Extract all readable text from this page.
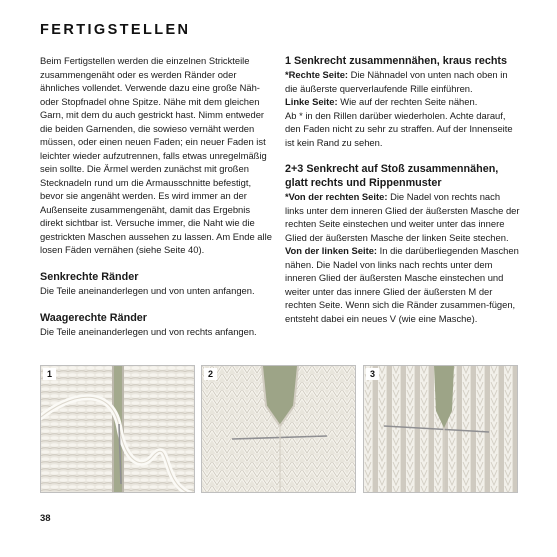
FERTIGSTELLEN

Beim Fertigstellen werden die einzelnen Strickteile zusammengenäht oder es werden Ränder oder ähnliches vollendet. Verwende dazu eine große Näh- oder Stopfnadel ohne Spitze. Nähe mit dem gleichen Garn, mit dem du auch gestrickt hast. Nimm entweder die beiden Garnenden, die sowieso vernäht werden müssen, oder einen neuen Faden; ein neuer Faden ist leichter wieder aufzutrennen, falls etwas unregelmäßig sein sollte. Die Ärmel werden zunächst mit großen Stecknadeln rund um die Armausschnitte befestigt, bevor sie angenäht werden. Es wird immer an der Außenseite zusammengenäht, damit das Ergebnis direkt sichtbar ist. Versuche immer, die Naht wie die gestrickten Maschen aussehen zu lassen. Am Ende alle losen Fäden vernähen (siehe Seite 40).

Senkrechte Ränder

Die Teile aneinanderlegen und von unten anfangen.

Waagerechte Ränder

Die Teile aneinanderlegen und von rechts anfangen.

1 Senkrecht zusammennähen, kraus rechts

*Rechte Seite: Die Nähnadel von unten nach oben in die äußerste querverlaufende Rille einführen.

Linke Seite: Wie auf der rechten Seite nähen.

Ab * in den Rillen darüber wiederholen. Achte darauf, den Faden nicht zu sehr zu straffen. Auf der Innenseite ist kein Rand zu sehen.

2+3 Senkrecht auf Stoß zusammennähen,

glatt rechts und Rippenmuster

*Von der rechten Seite: Die Nadel von rechts nach links unter dem inneren Glied der äußersten Masche der rechten Seite einstechen und weiter unter das innere Glied der äußersten Masche der linken Seite stechen.

Von der linken Seite: In die darüberliegenden Maschen nähen. Die Nadel von links nach rechts unter dem inneren Glied der äußersten Masche einstechen und weiter unter das innere Glied der äußersten M der rechten Seite. Wenn sich die Ränder zusammen-fügen, entsteht dabei ein neues V (wie eine Masche).

1	2	3
38
